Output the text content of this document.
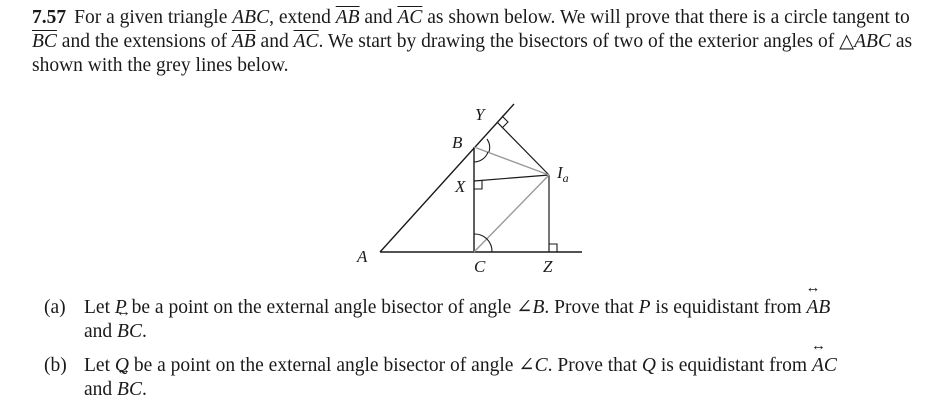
7.57 For a given triangle ABC, extend $\overline{AB}$ and $\overline{AC}$ as shown below. We will prove that there is a circle tangent to $\overline{BC}$ and the extensions of $\overline{AB}$ and $\overline{AC}$. We start by drawing the bisectors of two of the exterior angles of △ABC as shown with the grey lines below.
A
B
C
X
Y
Z
$I_a$
(a) Let P be a point on the external angle bisector of angle ∠B. Prove that P is equidistant from ↔ AB
and ↔ BC.
(b) Let Q be a point on the external angle bisector of angle ∠C. Prove that Q is equidistant from ↔ AC
and ↔ BC.
